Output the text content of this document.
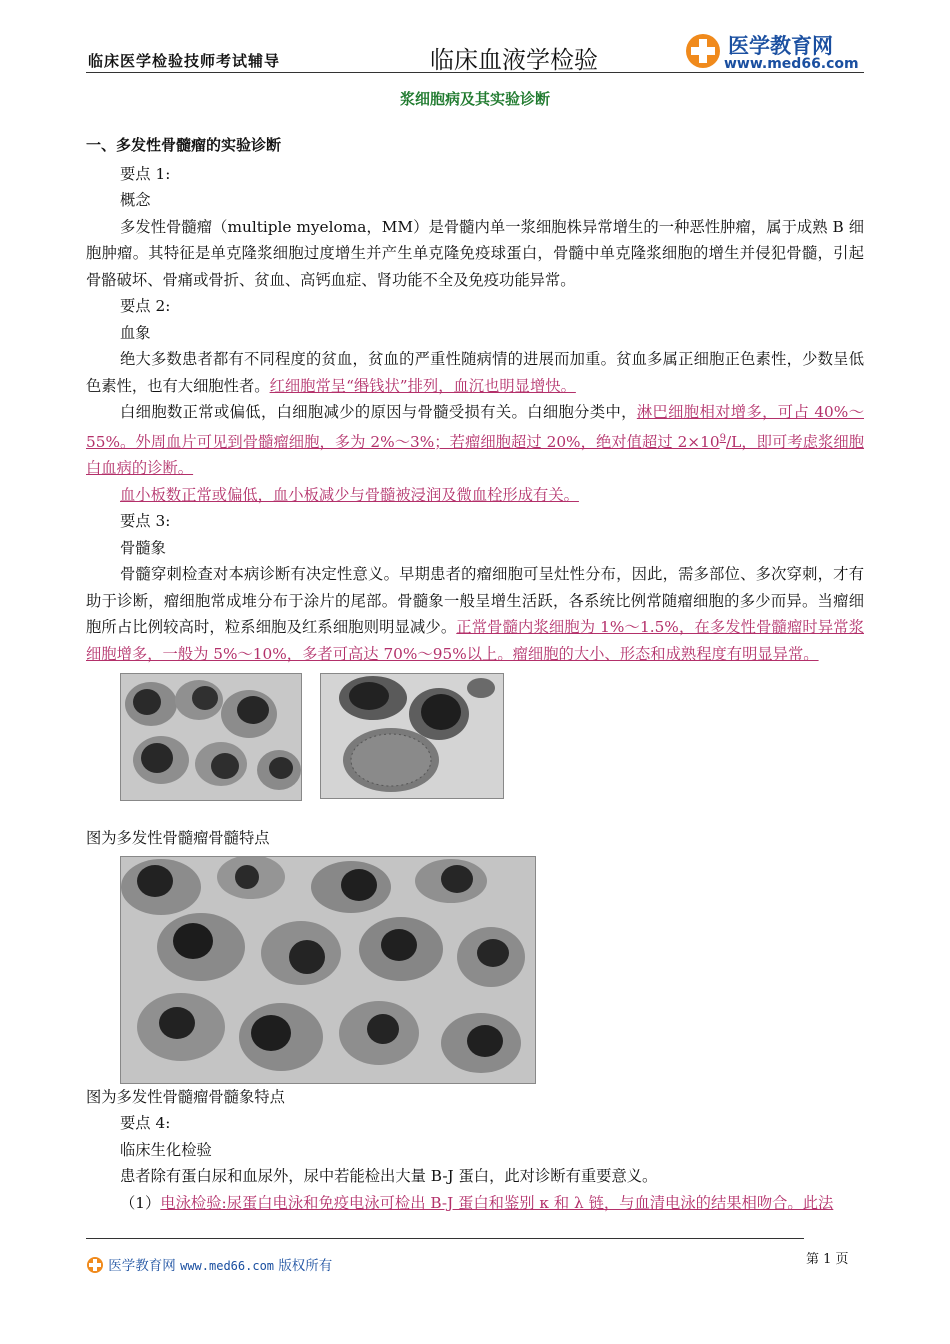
临床医学检验技师考试辅导	临床血液学检验	医学教育网
www.med66.com
浆细胞病及其实验诊断

一、多发性骨髓瘤的实验诊断

要点 1:

概念

多发性骨髓瘤（multiple myeloma，MM）是骨髓内单一浆细胞株异常增生的一种恶性肿瘤，属于成熟 B 细胞肿瘤。其特征是单克隆浆细胞过度增生并产生单克隆免疫球蛋白，骨髓中单克隆浆细胞的增生并侵犯骨髓，引起骨骼破坏、骨痛或骨折、贫血、高钙血症、肾功能不全及免疫功能异常。

要点 2:

血象

绝大多数患者都有不同程度的贫血，贫血的严重性随病情的进展而加重。贫血多属正细胞正色素性，少数呈低色素性，也有大细胞性者。红细胞常呈“缗钱状”排列，血沉也明显增快。

白细胞数正常或偏低，白细胞减少的原因与骨髓受损有关。白细胞分类中，淋巴细胞相对增多，可占 40%～55%。外周血片可见到骨髓瘤细胞，多为 2%～3%；若瘤细胞超过 20%，绝对值超过 $2\times 10^9/L$，即可考虑浆细胞白血病的诊断。

血小板数正常或偏低，血小板减少与骨髓被浸润及微血栓形成有关。

要点 3:

骨髓象

骨髓穿刺检查对本病诊断有决定性意义。早期患者的瘤细胞可呈灶性分布，因此，需多部位、多次穿刺，才有助于诊断，瘤细胞常成堆分布于涂片的尾部。骨髓象一般呈增生活跃，各系统比例常随瘤细胞的多少而异。当瘤细胞所占比例较高时，粒系细胞及红系细胞则明显减少。正常骨髓内浆细胞为 1%～1.5%，在多发性骨髓瘤时异常浆细胞增多，一般为 5%～10%，多者可高达 70%～95%以上。瘤细胞的大小、形态和成熟程度有明显异常。

图为多发性骨髓瘤骨髓特点

图为多发性骨髓瘤骨髓象特点

要点 4:

临床生化检验

患者除有蛋白尿和血尿外，尿中若能检出大量 B-J 蛋白，此对诊断有重要意义。

（1）电泳检验:尿蛋白电泳和免疫电泳可检出 B-J 蛋白和鉴别 κ 和 λ 链，与血清电泳的结果相吻合。此法

医学教育网 www.med66.com 版权所有	第 1 页
